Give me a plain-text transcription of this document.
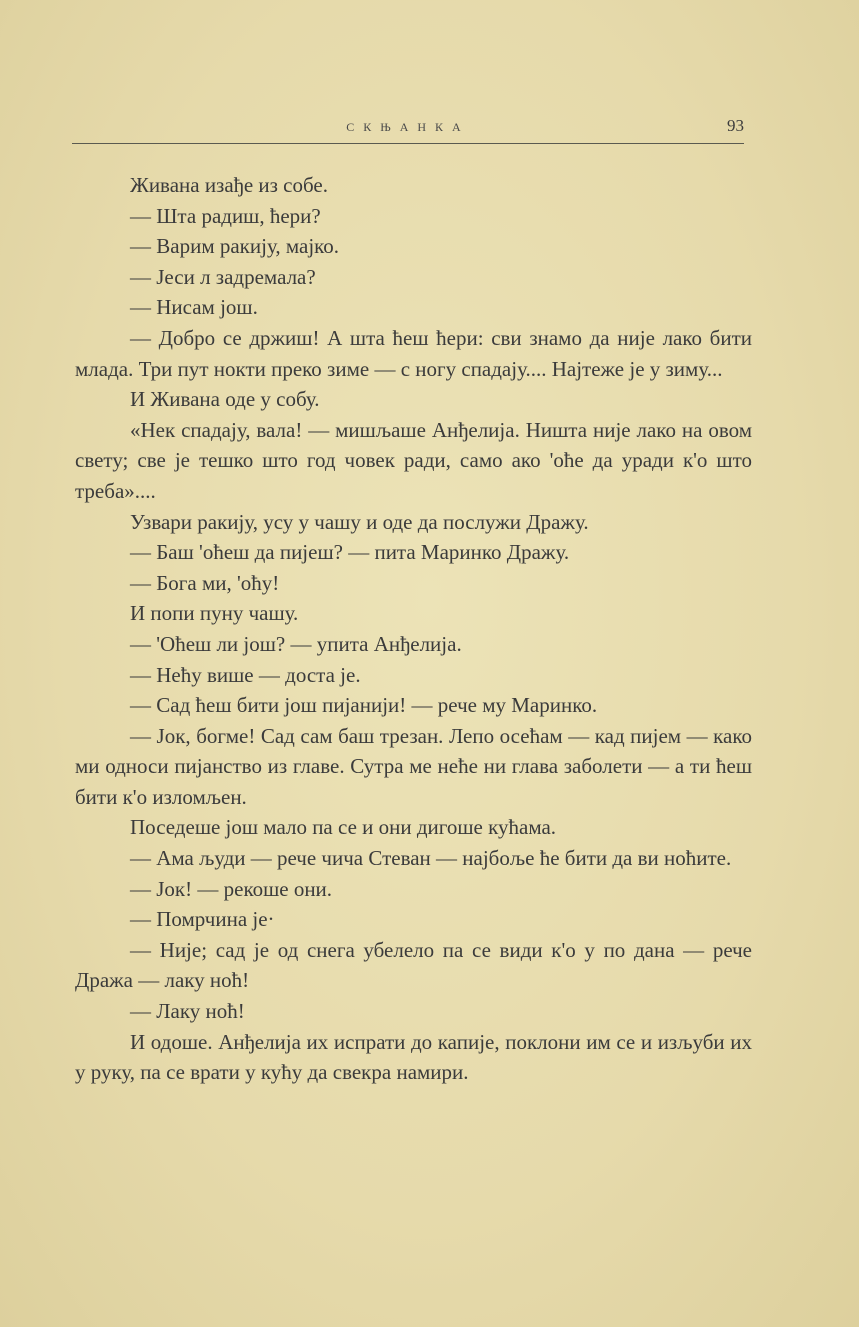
СКЊАНКА	93

Живана изађе из собе.

— Шта радиш, ћери?

— Варим ракију, мајко.

— Јеси л задремала?

— Нисам још.

— Добро се држиш! А шта ћеш ћери: сви знамо да није лако бити млада. Три пут нокти преко зиме — с ногу спадају.... Најтеже је у зиму...

И Живана оде у собу.

«Нек спадају, вала! — мишљаше Анђелија. Ништа није лако на овом свету; све је тешко што год човек ради, само ако 'оће да уради к'о што треба»....

Узвари ракију, усу у чашу и оде да послужи Дражу.

— Баш 'оћеш да пијеш? — пита Маринко Дражу.

— Бога ми, 'оћу!

И попи пуну чашу.

— 'Оћеш ли још? — упита Анђелија.

— Нећу више — доста је.

— Сад ћеш бити још пијанији! — рече му Маринко.

— Јок, богме! Сад сам баш трезан. Лепо осећам — кад пијем — како ми односи пијанство из главе. Сутра ме неће ни глава заболети — а ти ћеш бити к'о изломљен.

Поседеше још мало па се и они дигоше кућама.

— Ама људи — рече чича Стеван — најбоље ће бити да ви ноћите.

— Јок! — рекоше они.

— Помрчина је·

— Није; сад је од снега убелело па се види к'о у по дана — рече Дража — лаку ноћ!

— Лаку ноћ!

И одоше. Анђелија их испрати до капије, поклони им се и изљуби их у руку, па се врати у кућу да свекра намири.
